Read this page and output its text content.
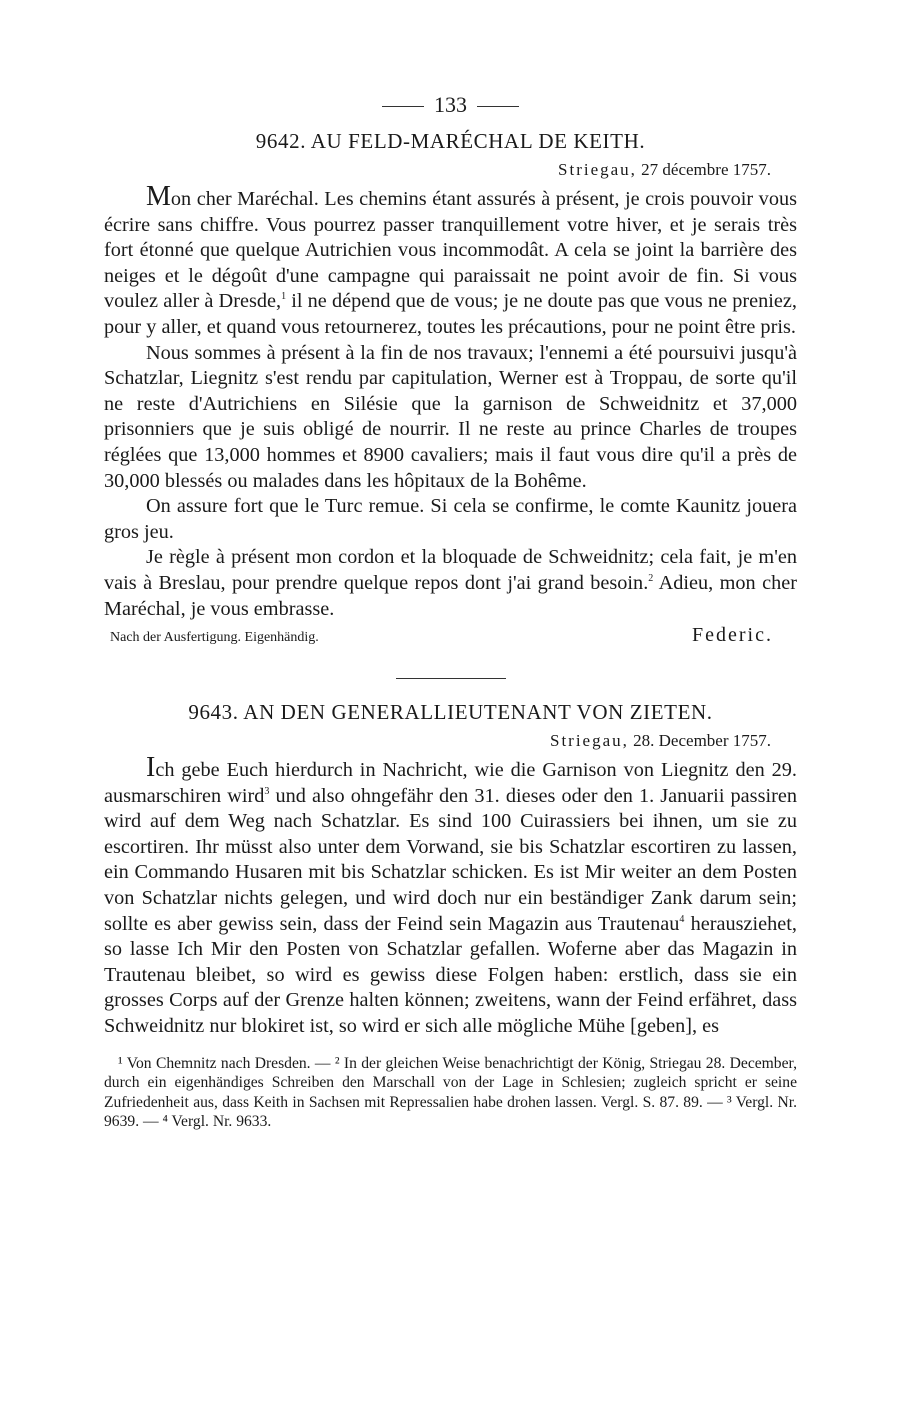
133
9642. AU FELD-MARÉCHAL DE KEITH.
Striegau, 27 décembre 1757.

Mon cher Maréchal. Les chemins étant assurés à présent, je crois pouvoir vous écrire sans chiffre. Vous pourrez passer tranquillement votre hiver, et je serais très fort étonné que quelque Autrichien vous incommodât. A cela se joint la barrière des neiges et le dégoût d'une campagne qui paraissait ne point avoir de fin. Si vous voulez aller à Dresde,$^1$ il ne dépend que de vous; je ne doute pas que vous ne preniez, pour y aller, et quand vous retournerez, toutes les précautions, pour ne point être pris.

Nous sommes à présent à la fin de nos travaux; l'ennemi a été poursuivi jusqu'à Schatzlar, Liegnitz s'est rendu par capitulation, Werner est à Troppau, de sorte qu'il ne reste d'Autrichiens en Silésie que la garnison de Schweidnitz et 37,000 prisonniers que je suis obligé de nourrir. Il ne reste au prince Charles de troupes réglées que 13,000 hommes et 8900 cavaliers; mais il faut vous dire qu'il a près de 30,000 blessés ou malades dans les hôpitaux de la Bohême.

On assure fort que le Turc remue. Si cela se confirme, le comte Kaunitz jouera gros jeu.

Je règle à présent mon cordon et la bloquade de Schweidnitz; cela fait, je m'en vais à Breslau, pour prendre quelque repos dont j'ai grand besoin.$^2$ Adieu, mon cher Maréchal, je vous embrasse.

Nach der Ausfertigung. Eigenhändig.	Federic.
9643. AN DEN GENERALLIEUTENANT VON ZIETEN.
Striegau, 28. December 1757.

Ich gebe Euch hierdurch in Nachricht, wie die Garnison von Liegnitz den 29. ausmarschiren wird$^3$ und also ohngefähr den 31. dieses oder den 1. Januarii passiren wird auf dem Weg nach Schatzlar. Es sind 100 Cuirassiers bei ihnen, um sie zu escortiren. Ihr müsst also unter dem Vorwand, sie bis Schatzlar escortiren zu lassen, ein Commando Husaren mit bis Schatzlar schicken. Es ist Mir weiter an dem Posten von Schatzlar nichts gelegen, und wird doch nur ein beständiger Zank darum sein; sollte es aber gewiss sein, dass der Feind sein Magazin aus Trautenau$^4$ herausziehet, so lasse Ich Mir den Posten von Schatzlar gefallen. Woferne aber das Magazin in Trautenau bleibet, so wird es gewiss diese Folgen haben: erstlich, dass sie ein grosses Corps auf der Grenze halten können; zweitens, wann der Feind erfähret, dass Schweidnitz nur blokiret ist, so wird er sich alle mögliche Mühe [geben], es

¹ Von Chemnitz nach Dresden. — ² In der gleichen Weise benachrichtigt der König, Striegau 28. December, durch ein eigenhändiges Schreiben den Marschall von der Lage in Schlesien; zugleich spricht er seine Zufriedenheit aus, dass Keith in Sachsen mit Repressalien habe drohen lassen. Vergl. S. 87. 89. — ³ Vergl. Nr. 9639. — ⁴ Vergl. Nr. 9633.
